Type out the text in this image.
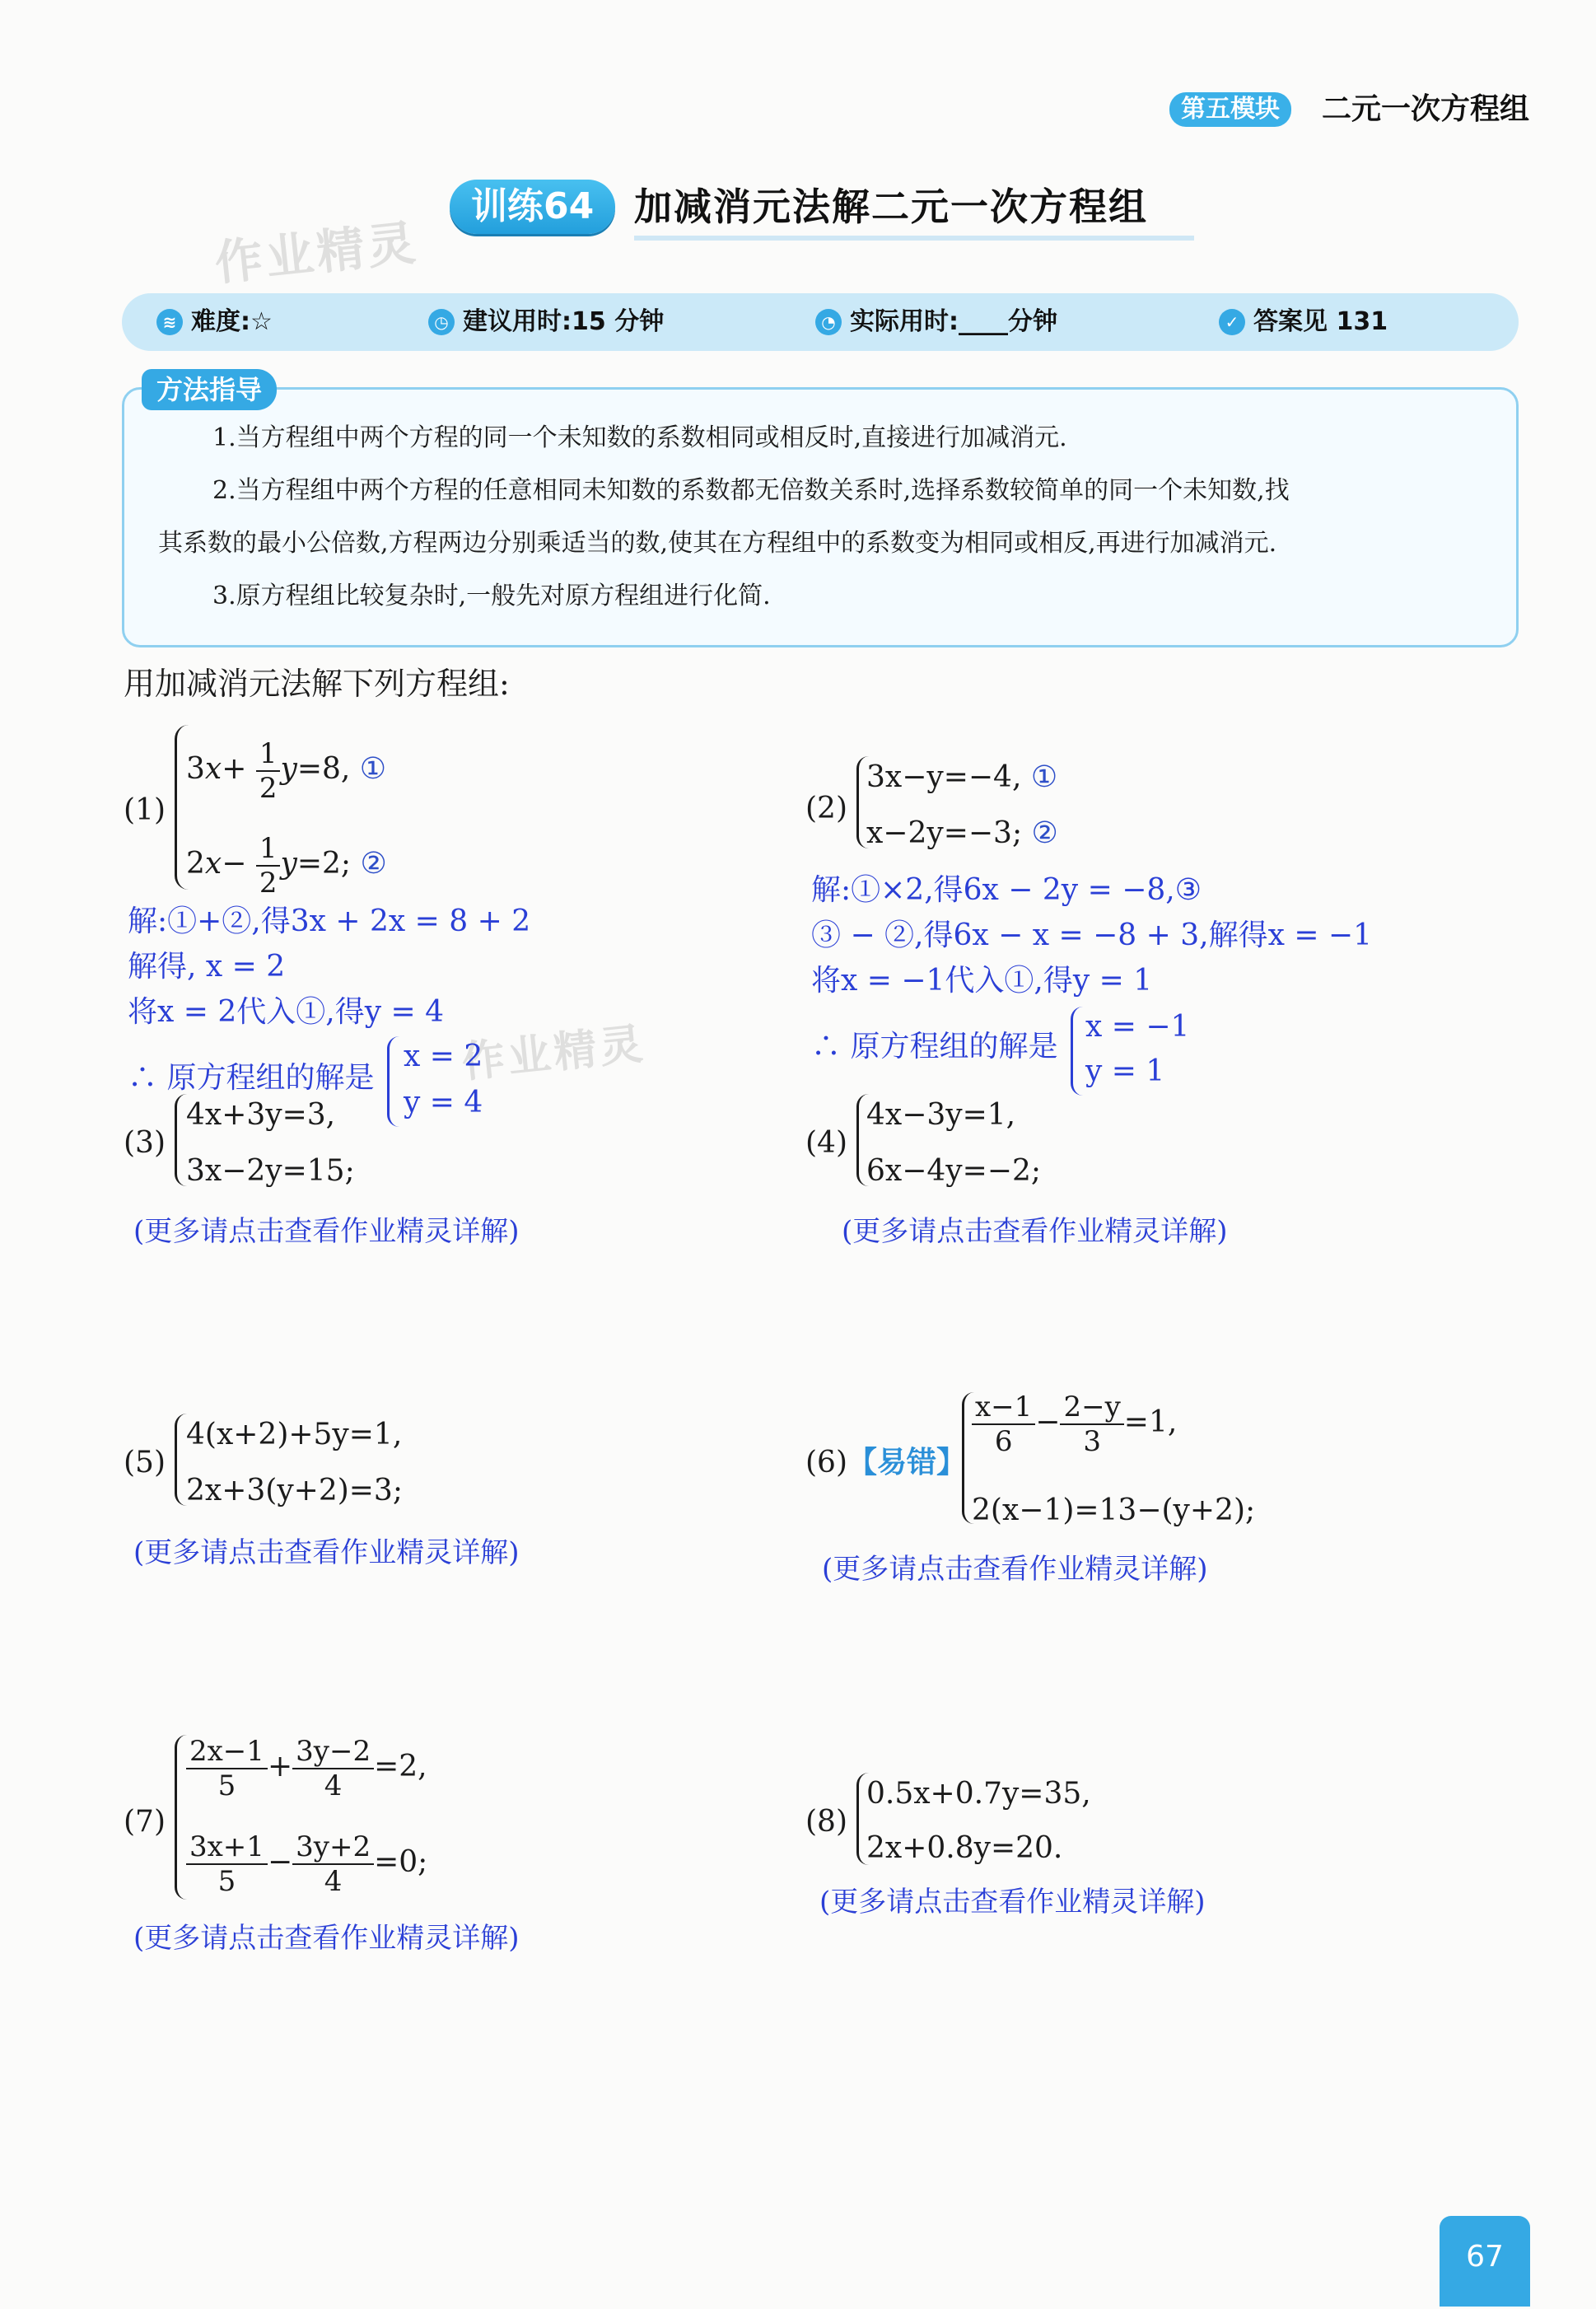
第五模块	二元一次方程组
训练64	加减消元法解二元一次方程组
作业精灵
作业精灵
≋ 难度:☆	◷ 建议用时:15 分钟	◔ 实际用时:____分钟	✓ 答案见 131
方法指导
1.当方程组中两个方程的同一个未知数的系数相同或相反时,直接进行加减消元.
2.当方程组中两个方程的任意相同未知数的系数都无倍数关系时,选择系数较简单的同一个未知数,找
其系数的最小公倍数,方程两边分别乘适当的数,使其在方程组中的系数变为相同或相反,再进行加减消元.
3.原方程组比较复杂时,一般先对原方程组进行化简.
用加减消元法解下列方程组:
(1)
$3x+ \frac{1}{2} y=8$, ①
$2x- \frac{1}{2} y=2$; ②
解:①+②,得3x + 2x = 8 + 2
解得, x = 2
将x = 2代入①,得y = 4
∴ 原方程组的解是
x = 2
y = 4
(2)
3x−y=−4, ①
x−2y=−3; ②
解:①×2,得6x − 2y = −8,③
③ − ②,得6x − x = −8 + 3,解得x = −1
将x = −1代入①,得y = 1
∴ 原方程组的解是
x = −1
y = 1
(3)
4x+3y=3,
3x−2y=15;
(更多请点击查看作业精灵详解)
(4)
4x−3y=1,
6x−4y=−2;
(更多请点击查看作业精灵详解)
(5)
4(x+2)+5y=1,
2x+3(y+2)=3;
(更多请点击查看作业精灵详解)
(6)【易错】
$\frac{x-1}{6} - \frac{2-y}{3} =1$,
2(x−1)=13−(y+2);
(更多请点击查看作业精灵详解)
(7)
$\frac{2x-1}{5} + \frac{3y-2}{4} =2$,
$\frac{3x+1}{5} - \frac{3y+2}{4} =0$;
(更多请点击查看作业精灵详解)
(8)
0.5x+0.7y=35,
2x+0.8y=20.
(更多请点击查看作业精灵详解)
67
